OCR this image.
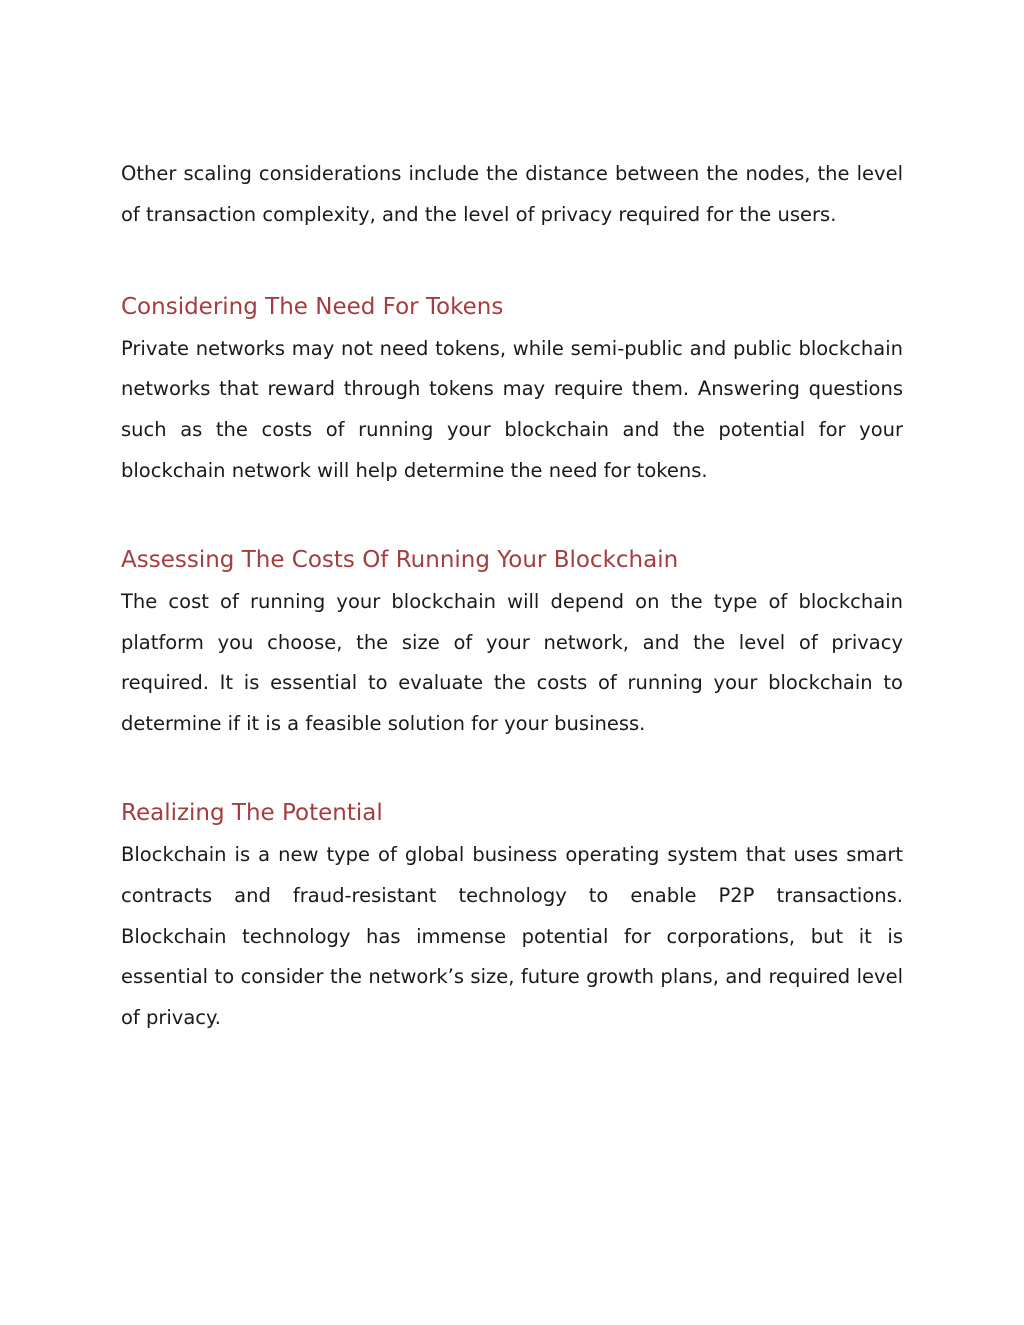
Other scaling considerations include the distance between the nodes, the level of transaction complexity, and the level of privacy required for the users.

Considering The Need For Tokens

Private networks may not need tokens, while semi-public and public blockchain networks that reward through tokens may require them. Answering questions such as the costs of running your blockchain and the potential for your blockchain network will help determine the need for tokens.

Assessing The Costs Of Running Your Blockchain

The cost of running your blockchain will depend on the type of blockchain platform you choose, the size of your network, and the level of privacy required. It is essential to evaluate the costs of running your blockchain to determine if it is a feasible solution for your business.

Realizing The Potential

Blockchain is a new type of global business operating system that uses smart contracts and fraud-resistant technology to enable P2P transactions. Blockchain technology has immense potential for corporations, but it is essential to consider the network’s size, future growth plans, and required level of privacy.
